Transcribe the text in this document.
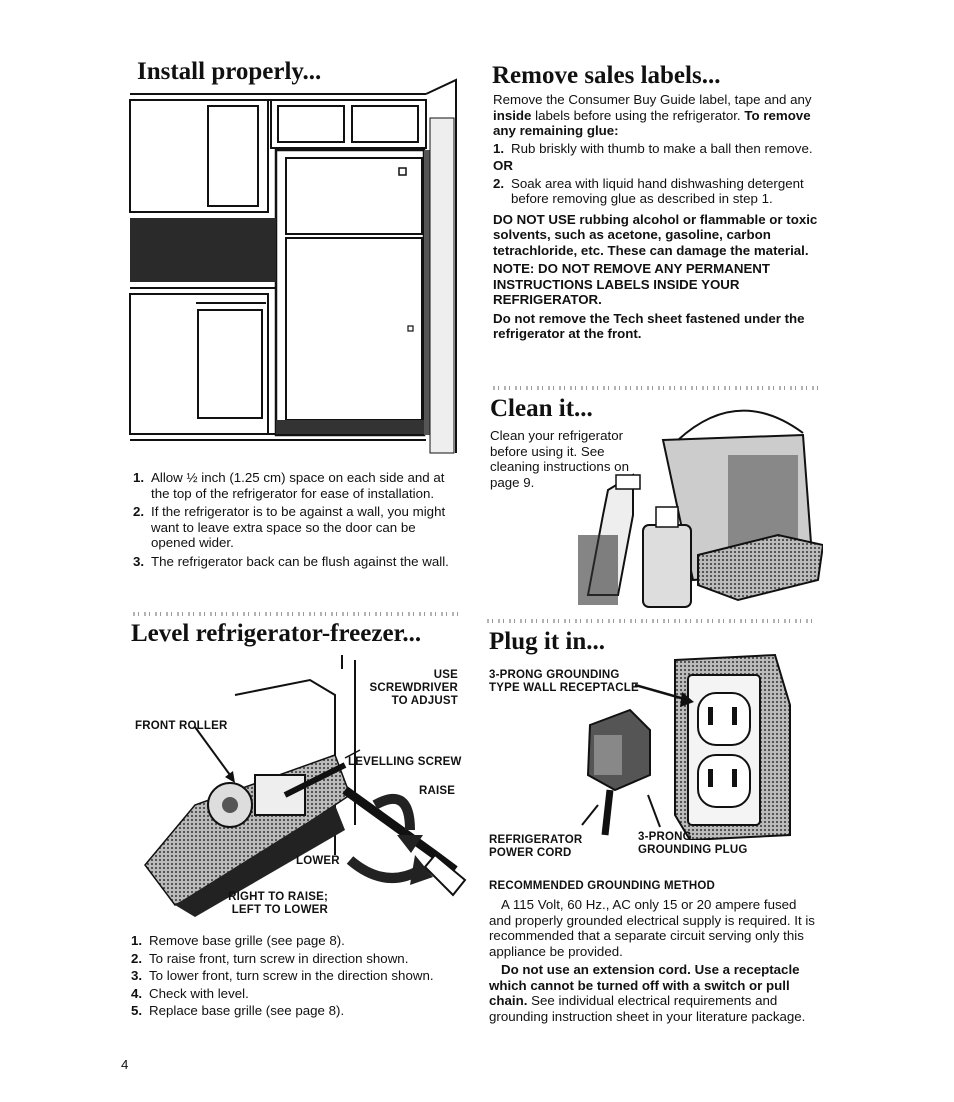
Install properly...
1. Allow ½ inch (1.25 cm) space on each side and at the top of the refrigerator for ease of installation.
2. If the refrigerator is to be against a wall, you might want to leave extra space so the door can be opened wider.
3. The refrigerator back can be flush against the wall.
Level refrigerator-freezer...
USE SCREWDRIVER
TO ADJUST
FRONT ROLLER
LEVELLING SCREW
RAISE
LOWER
RIGHT TO RAISE;
LEFT TO LOWER
1. Remove base grille (see page 8).
2. To raise front, turn screw in direction shown.
3. To lower front, turn screw in the direction shown.
4. Check with level.
5. Replace base grille (see page 8).
4
Remove sales labels...

Remove the Consumer Buy Guide label, tape and any inside labels before using the refrigerator. To remove any remaining glue:

1. Rub briskly with thumb to make a ball then remove.

OR

2. Soak area with liquid hand dishwashing detergent before removing glue as described in step 1.

DO NOT USE rubbing alcohol or flammable or toxic solvents, such as acetone, gasoline, carbon tetrachloride, etc. These can damage the material.

NOTE: DO NOT REMOVE ANY PERMANENT INSTRUCTIONS LABELS INSIDE YOUR REFRIGERATOR.

Do not remove the Tech sheet fastened under the refrigerator at the front.

Clean it...
Clean your refrigerator before using it. See cleaning instructions on page 9.
Plug it in...
3-PRONG GROUNDING
TYPE WALL RECEPTACLE
REFRIGERATOR
POWER CORD
3-PRONG
GROUNDING PLUG
RECOMMENDED GROUNDING METHOD

A 115 Volt, 60 Hz., AC only 15 or 20 ampere fused and properly grounded electrical supply is required. It is recommended that a separate circuit serving only this appliance be provided.

Do not use an extension cord. Use a receptacle which cannot be turned off with a switch or pull chain. See individual electrical requirements and grounding instruction sheet in your literature package.
